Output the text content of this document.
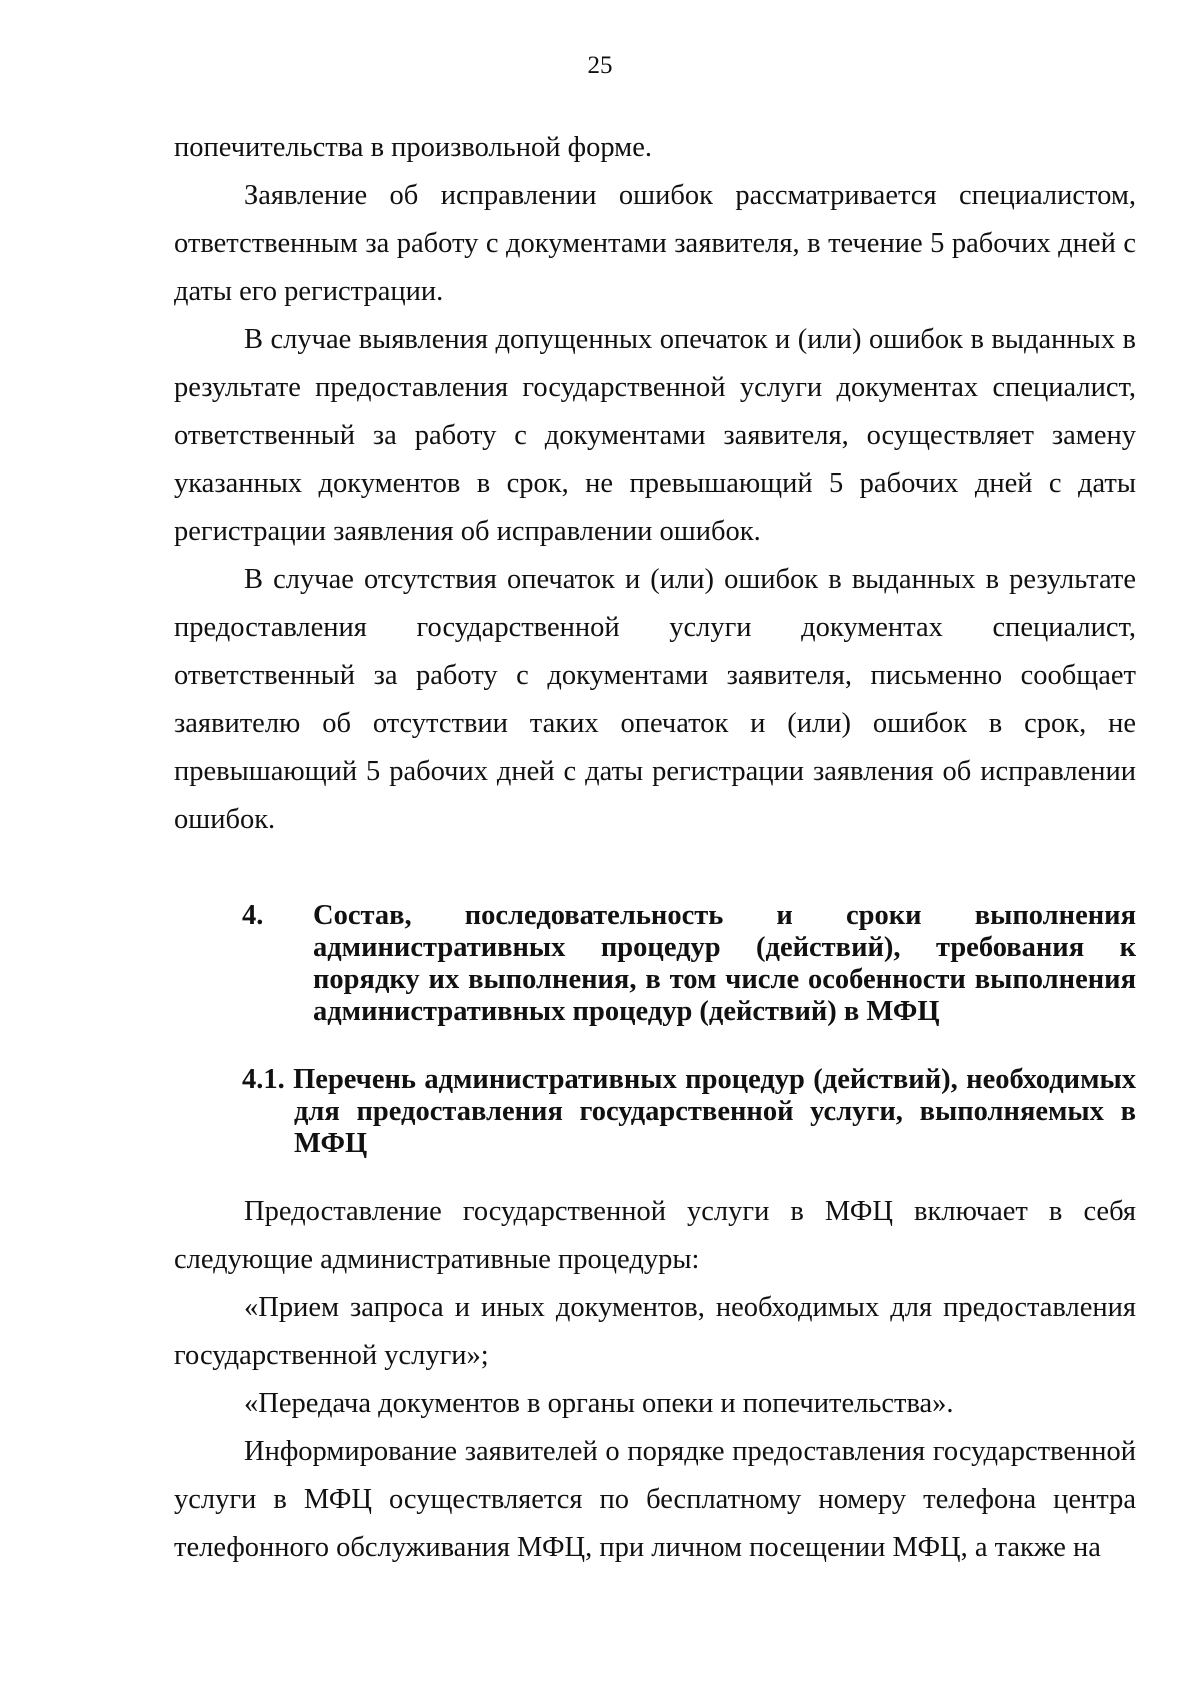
25

попечительства в произвольной форме.

Заявление об исправлении ошибок рассматривается специалистом, ответственным за работу с документами заявителя, в течение 5 рабочих дней с даты его регистрации.

В случае выявления допущенных опечаток и (или) ошибок в выданных в результате предоставления государственной услуги документах специалист, ответственный за работу с документами заявителя, осуществляет замену указанных документов в срок, не превышающий 5 рабочих дней с даты регистрации заявления об исправлении ошибок.

В случае отсутствия опечаток и (или) ошибок в выданных в результате

предоставления государственной услуги документах специалист,

ответственный за работу с документами заявителя, письменно сообщает заявителю об отсутствии таких опечаток и (или) ошибок в срок, не превышающий 5 рабочих дней с даты регистрации заявления об исправлении ошибок.

4. Состав, последовательность и сроки выполнения административных процедур (действий), требования к порядку их выполнения, в том числе особенности выполнения административных процедур (действий) в МФЦ
4.1. Перечень административных процедур (действий), необходимых для предоставления государственной услуги, выполняемых в МФЦ

Предоставление государственной услуги в МФЦ включает в себя следующие административные процедуры:

«Прием запроса и иных документов, необходимых для предоставления государственной услуги»;

«Передача документов в органы опеки и попечительства».

Информирование заявителей о порядке предоставления государственной услуги в МФЦ осуществляется по бесплатному номеру телефона центра телефонного обслуживания МФЦ, при личном посещении МФЦ, а также на
